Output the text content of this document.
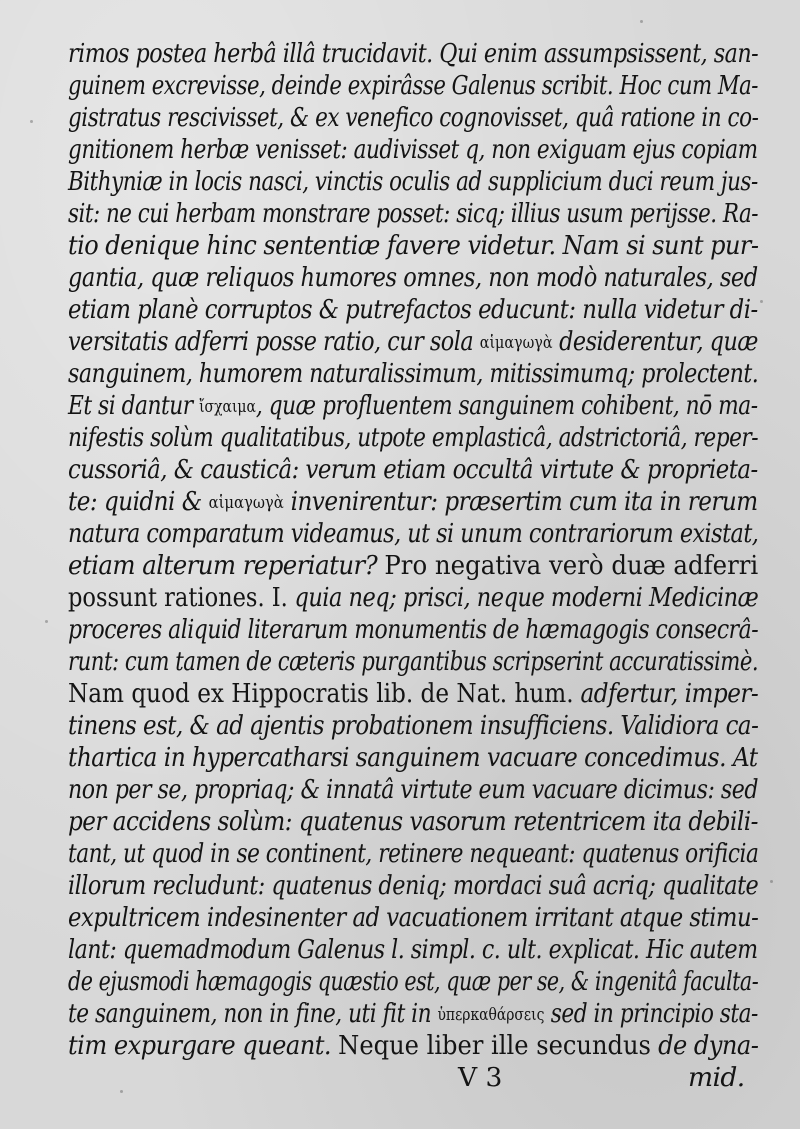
rimos postea herbâ illâ trucidavit. Qui enim assumpsissent, san-
guinem excrevisse, deinde expirâsse Galenus scribit. Hoc cum Ma-
gistratus rescivisset, & ex venefico cognovisset, quâ ratione in co-
gnitionem herbæ venisset: audivisset q, non exiguam ejus copiam
Bithyniæ in locis nasci, vinctis oculis ad supplicium duci reum jus-
sit: ne cui herbam monstrare posset: sicq; illius usum perijsse. Ra-
tio denique hinc sententiæ favere videtur. Nam si sunt pur-
gantia, quæ reliquos humores omnes, non modò naturales, sed
etiam planè corruptos & putrefactos educunt: nulla videtur di-
versitatis adferri posse ratio, cur sola αἱμαγωγὰ desiderentur, quæ
sanguinem, humorem naturalissimum, mitissimumq; prolectent.
Et si dantur ἴσχαιμα, quæ profluentem sanguinem cohibent, nō ma-
nifestis solùm qualitatibus, utpote emplasticâ, adstrictoriâ, reper-
cussoriâ, & causticâ: verum etiam occultâ virtute & proprieta-
te: quidni & αἱμαγωγὰ invenirentur: præsertim cum ita in rerum
natura comparatum videamus, ut si unum contrariorum existat,
etiam alterum reperiatur? Pro negativa verò duæ adferri
possunt rationes. I. quia neq; prisci, neque moderni Medicinæ
proceres aliquid literarum monumentis de hæmagogis consecrâ-
runt: cum tamen de cæteris purgantibus scripserint accuratissimè.
Nam quod ex Hippocratis lib. de Nat. hum. adfertur, imper-
tinens est, & ad ajentis probationem insufficiens. Validiora ca-
thartica in hypercatharsi sanguinem vacuare concedimus. At
non per se, propriaq; & innatâ virtute eum vacuare dicimus: sed
per accidens solùm: quatenus vasorum retentricem ita debili-
tant, ut quod in se continent, retinere nequeant: quatenus orificia
illorum recludunt: quatenus deniq; mordaci suâ acriq; qualitate
expultricem indesinenter ad vacuationem irritant atque stimu-
lant: quemadmodum Galenus l. simpl. c. ult. explicat. Hic autem
de ejusmodi hæmagogis quæstio est, quæ per se, & ingenitâ faculta-
te sanguinem, non in fine, uti fit in ὑπερκαθάρσεις sed in principio sta-
tim expurgare queant. Neque liber ille secundus de dyna-
V 3	mid.
